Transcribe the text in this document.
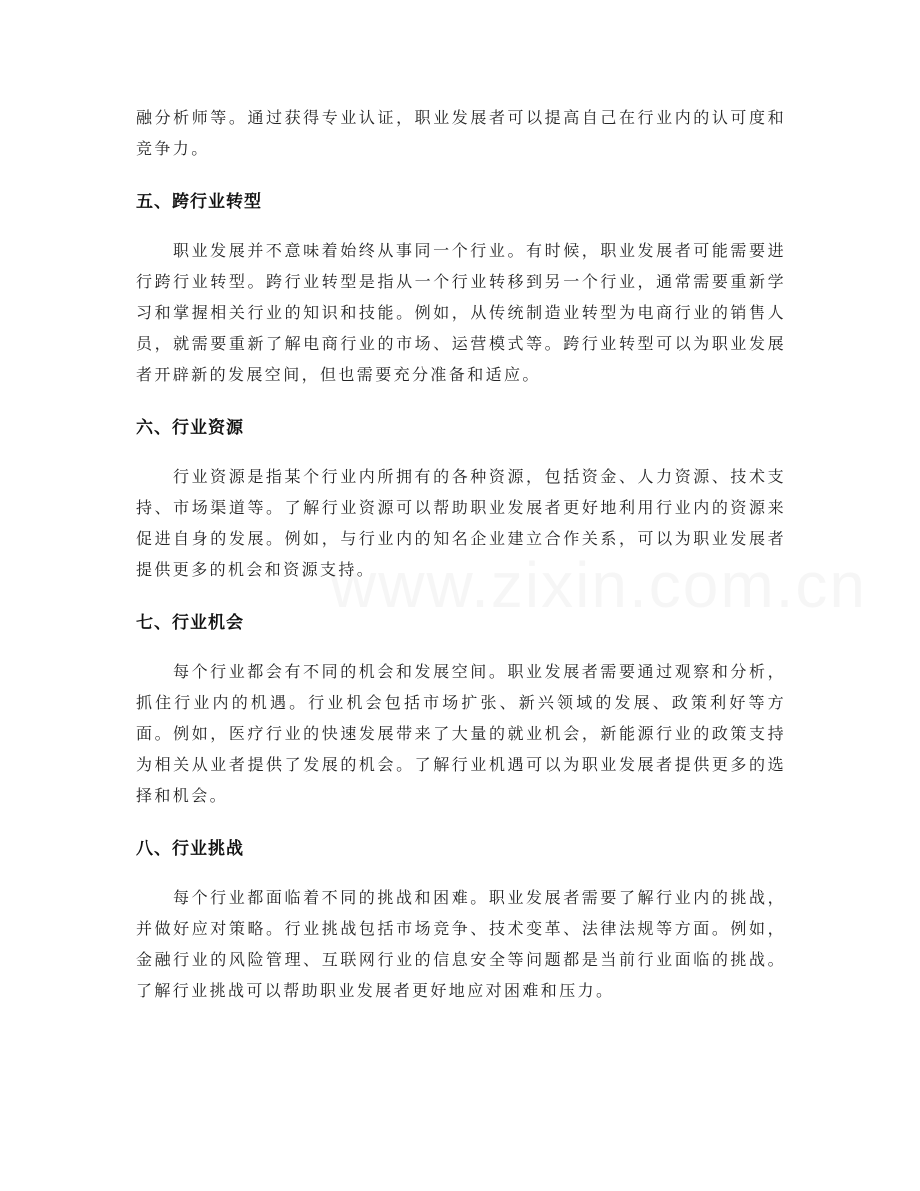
www.zixin.com.cn

融分析师等。通过获得专业认证，职业发展者可以提高自己在行业内的认可度和竞争力。

五、跨行业转型

职业发展并不意味着始终从事同一个行业。有时候，职业发展者可能需要进行跨行业转型。跨行业转型是指从一个行业转移到另一个行业，通常需要重新学习和掌握相关行业的知识和技能。例如，从传统制造业转型为电商行业的销售人员，就需要重新了解电商行业的市场、运营模式等。跨行业转型可以为职业发展者开辟新的发展空间，但也需要充分准备和适应。

六、行业资源

行业资源是指某个行业内所拥有的各种资源，包括资金、人力资源、技术支持、市场渠道等。了解行业资源可以帮助职业发展者更好地利用行业内的资源来促进自身的发展。例如，与行业内的知名企业建立合作关系，可以为职业发展者提供更多的机会和资源支持。

七、行业机会

每个行业都会有不同的机会和发展空间。职业发展者需要通过观察和分析，抓住行业内的机遇。行业机会包括市场扩张、新兴领域的发展、政策利好等方面。例如，医疗行业的快速发展带来了大量的就业机会，新能源行业的政策支持为相关从业者提供了发展的机会。了解行业机遇可以为职业发展者提供更多的选择和机会。

八、行业挑战

每个行业都面临着不同的挑战和困难。职业发展者需要了解行业内的挑战，并做好应对策略。行业挑战包括市场竞争、技术变革、法律法规等方面。例如，金融行业的风险管理、互联网行业的信息安全等问题都是当前行业面临的挑战。了解行业挑战可以帮助职业发展者更好地应对困难和压力。
